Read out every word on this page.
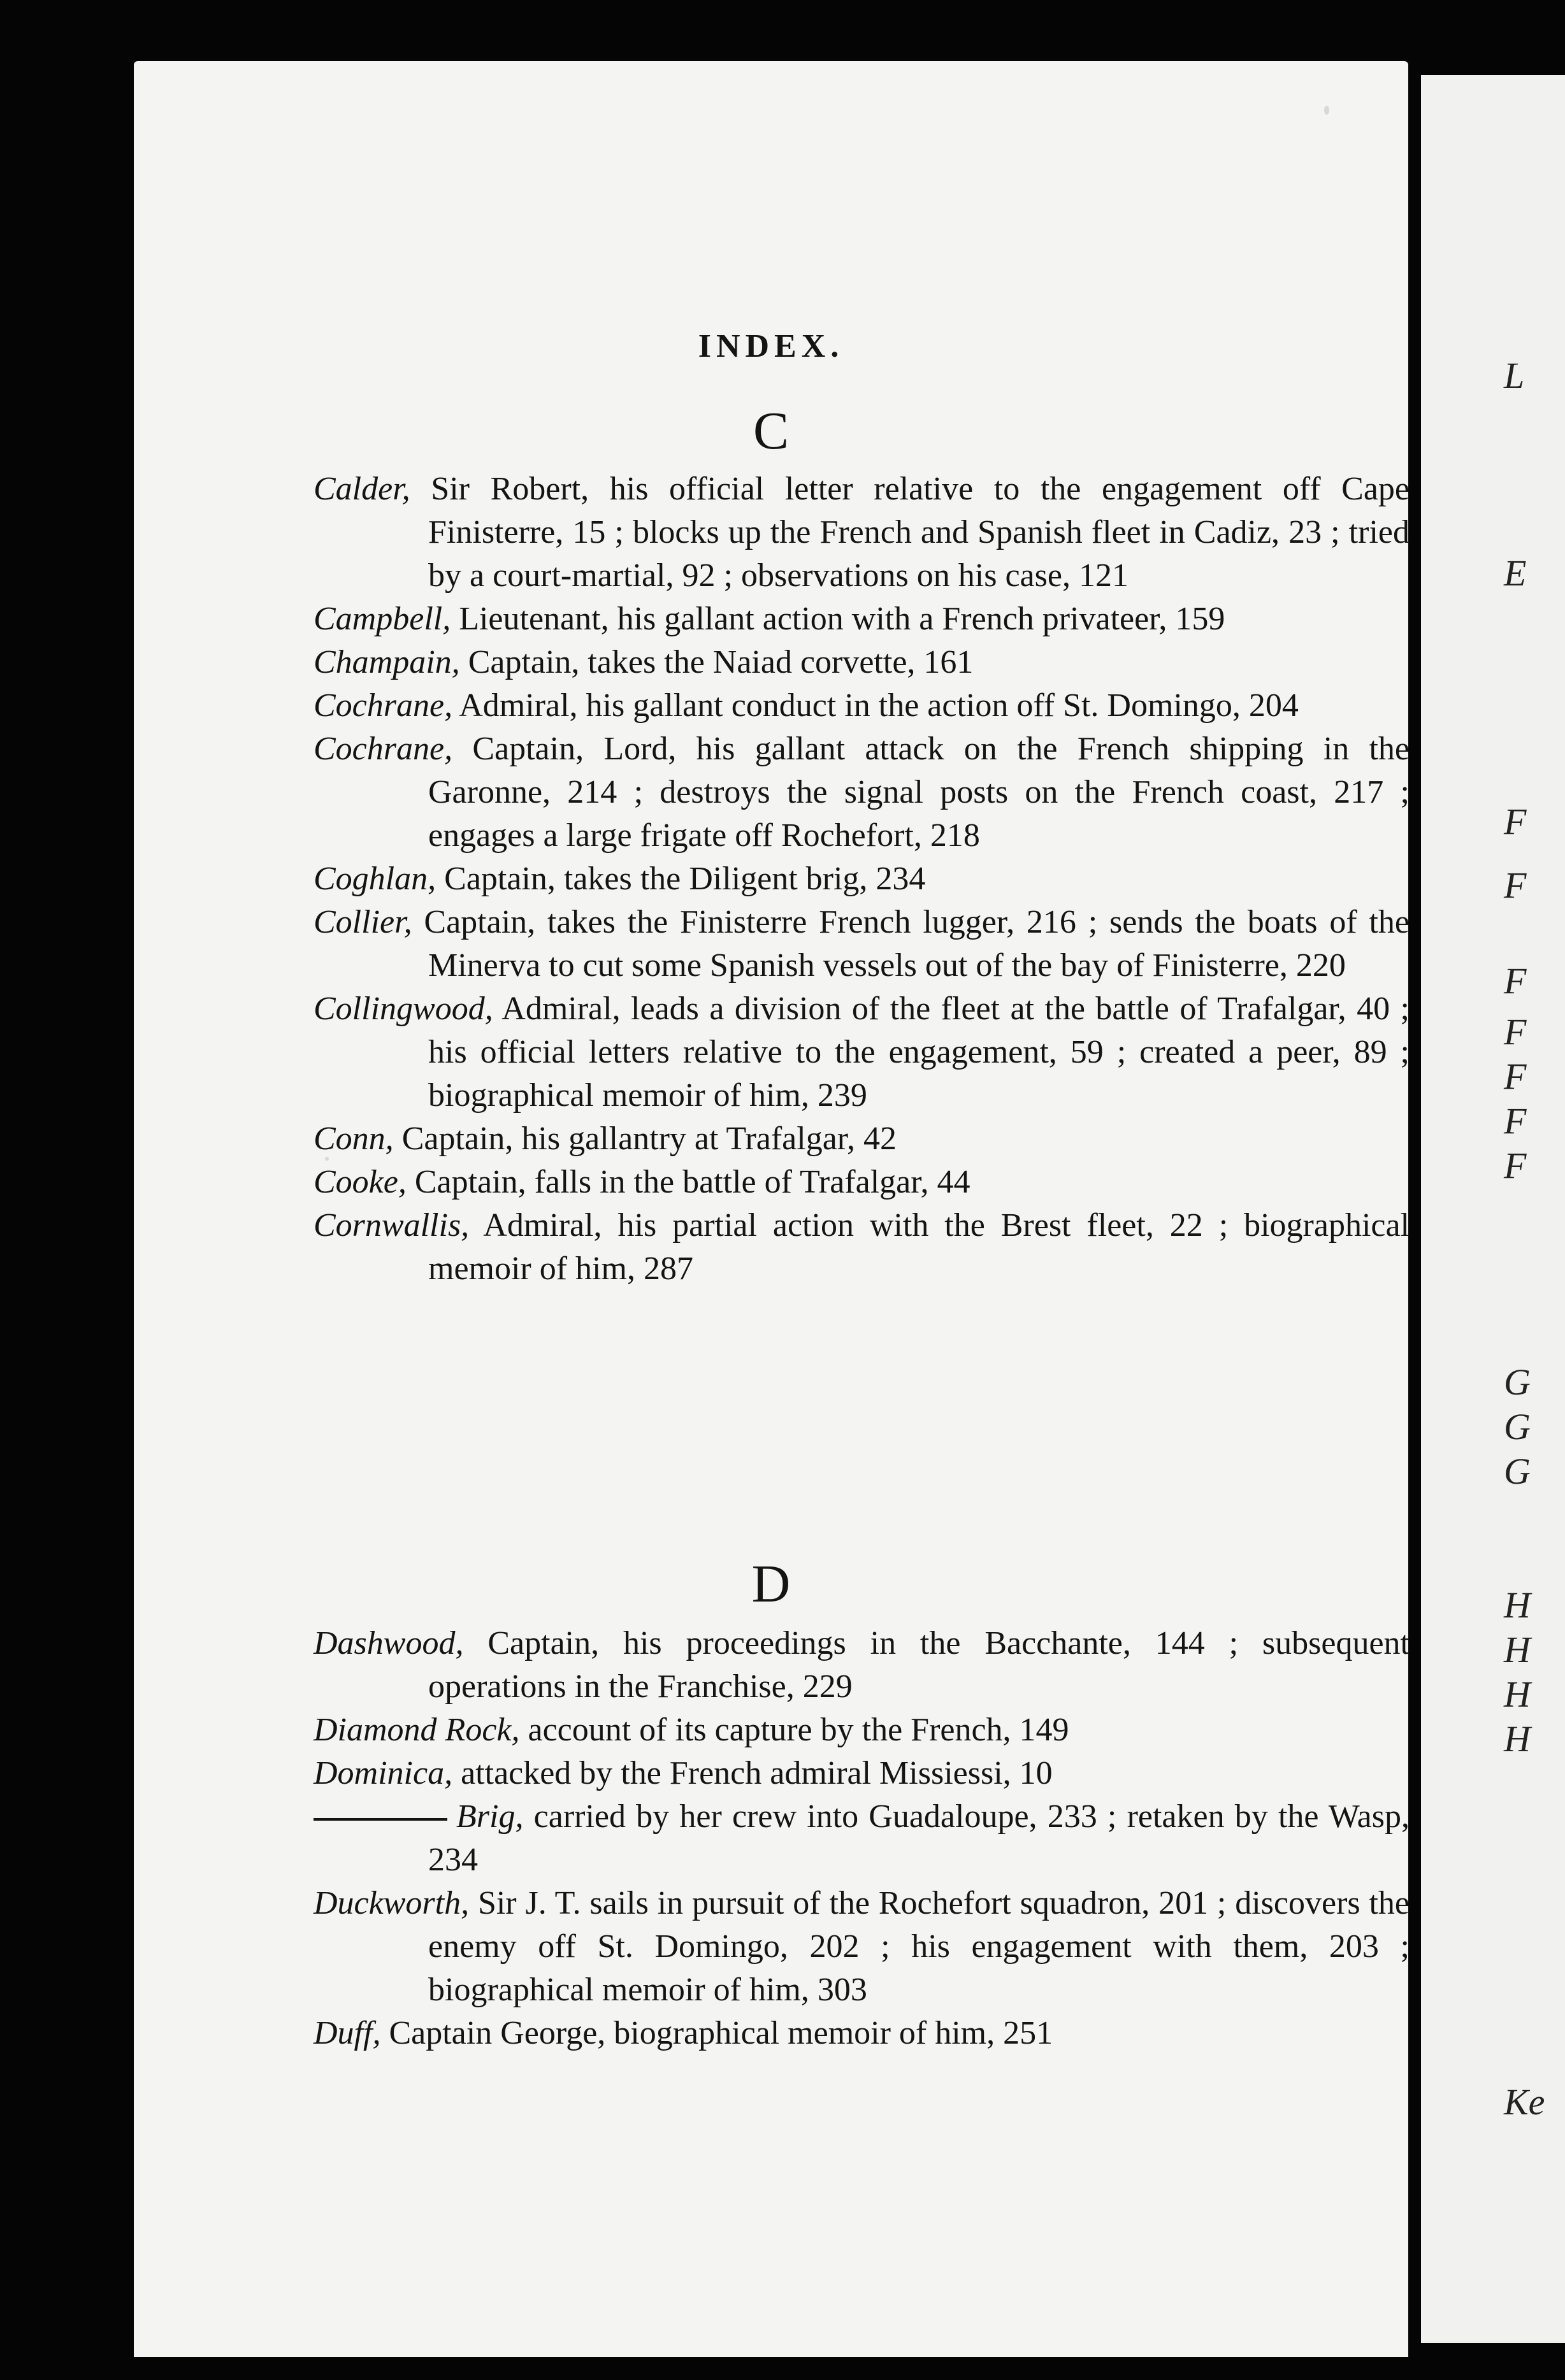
L
E
F
F
F
F
F
F
F
G
G
G
H
H
H
H
Ke
INDEX.
C

Calder, Sir Robert, his official letter relative to the engagement off Cape Finisterre, 15 ; blocks up the French and Spanish fleet in Cadiz, 23 ; tried by a court-martial, 92 ; observations on his case, 121

Campbell, Lieutenant, his gallant action with a French privateer, 159

Champain, Captain, takes the Naiad corvette, 161

Cochrane, Admiral, his gallant conduct in the action off St. Domingo, 204

Cochrane, Captain, Lord, his gallant attack on the French shipping in the Garonne, 214 ; destroys the signal posts on the French coast, 217 ; engages a large frigate off Rochefort, 218

Coghlan, Captain, takes the Diligent brig, 234

Collier, Captain, takes the Finisterre French lugger, 216 ; sends the boats of the Minerva to cut some Spanish vessels out of the bay of Finisterre, 220

Collingwood, Admiral, leads a division of the fleet at the battle of Trafalgar, 40 ; his official letters relative to the engagement, 59 ; created a peer, 89 ; biographical memoir of him, 239

Conn, Captain, his gallantry at Trafalgar, 42

Cooke, Captain, falls in the battle of Trafalgar, 44

Cornwallis, Admiral, his partial action with the Brest fleet, 22 ; biographical memoir of him, 287

D

Dashwood, Captain, his proceedings in the Bacchante, 144 ; subsequent operations in the Franchise, 229

Diamond Rock, account of its capture by the French, 149

Dominica, attacked by the French admiral Missiessi, 10

Brig, carried by her crew into Guadaloupe, 233 ; retaken by the Wasp, 234

Duckworth, Sir J. T. sails in pursuit of the Rochefort squadron, 201 ; discovers the enemy off St. Domingo, 202 ; his engagement with them, 203 ; biographical memoir of him, 303

Duff, Captain George, biographical memoir of him, 251
